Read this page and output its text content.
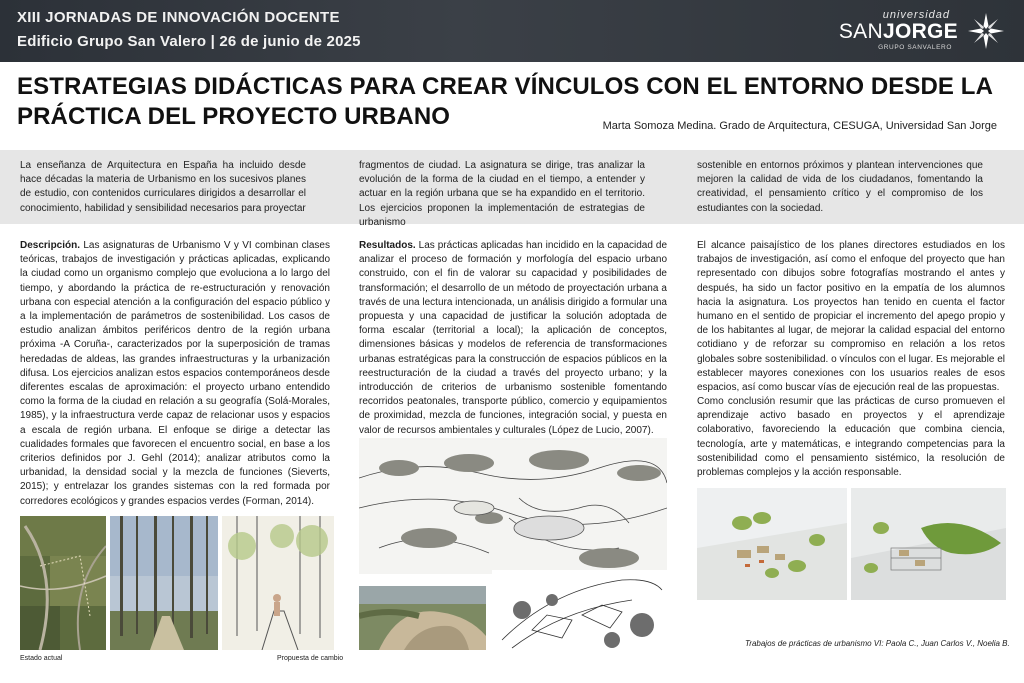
XIII JORNADAS DE INNOVACIÓN DOCENTE
Edificio Grupo San Valero | 26 de junio de 2025
universidad
SANJORGE
GRUPO SANVALERO
ESTRATEGIAS DIDÁCTICAS PARA CREAR VÍNCULOS CON EL ENTORNO DESDE LA PRÁCTICA DEL PROYECTO URBANO	Marta Somoza Medina. Grado de Arquitectura, CESUGA, Universidad San Jorge
La enseñanza de Arquitectura en España ha incluido desde hace décadas la materia de Urbanismo en los sucesivos planes de estudio, con contenidos curriculares dirigidos a desarrollar el conocimiento, habilidad y sensibilidad necesarios para proyectar
fragmentos de ciudad. La asignatura se dirige, tras analizar la evolución de la forma de la ciudad en el tiempo, a entender y actuar en la región urbana que se ha expandido en el territorio. Los ejercicios proponen la implementación de estrategias de urbanismo
sostenible en entornos próximos y plantean intervenciones que mejoren la calidad de vida de los ciudadanos, fomentando la creatividad, el pensamiento crítico y el compromiso de los estudiantes con la sociedad.
Descripción. Las asignaturas de Urbanismo V y VI combinan clases teóricas, trabajos de investigación y prácticas aplicadas, explicando la ciudad como un organismo complejo que evoluciona a lo largo del tiempo, y abordando la práctica de re-estructuración y renovación urbana con especial atención a la configuración del espacio público y a la implementación de parámetros de sostenibilidad. Los casos de estudio analizan ámbitos periféricos dentro de la región urbana próxima -A Coruña-, caracterizados por la superposición de tramas heredadas de aldeas, las grandes infraestructuras y la urbanización difusa. Los ejercicios analizan estos espacios contemporáneos desde diferentes escalas de aproximación: el proyecto urbano entendido como la forma de la ciudad en relación a su geografía (Solá-Morales, 1985), y la infraestructura verde capaz de relacionar usos y espacios a escala de región urbana. El enfoque se dirige a detectar las cualidades formales que favorecen el encuentro social, en base a los criterios definidos por J. Gehl (2014); analizar atributos como la urbanidad, la densidad social y la mezcla de funciones (Sieverts, 2015); y entrelazar los grandes sistemas con la red formada por corredores ecológicos y grandes espacios verdes (Forman, 2014).
Estado actual	Propuesta de cambio
Resultados. Las prácticas aplicadas han incidido en la capacidad de analizar el proceso de formación y morfología del espacio urbano construido, con el fin de valorar su capacidad y posibilidades de transformación; el desarrollo de un método de proyectación urbana a través de una lectura intencionada, un análisis dirigido a formular una propuesta y una capacidad de justificar la solución adoptada de forma escalar (territorial a local); la aplicación de conceptos, dimensiones básicas y modelos de referencia de transformaciones urbanas estratégicas para la construcción de espacios públicos en la reestructuración de la ciudad a través del proyecto urbano; y la introducción de criterios de urbanismo sostenible fomentando recorridos peatonales, transporte público, comercio y equipamientos de proximidad, mezcla de funciones, integración social, y puesta en valor de recursos ambientales y culturales (López de Lucio, 2007).
El alcance paisajístico de los planes directores estudiados en los trabajos de investigación, así como el enfoque del proyecto que han representado con dibujos sobre fotografías mostrando el antes y después, ha sido un factor positivo en la empatía de los alumnos hacia la asignatura. Los proyectos han tenido en cuenta el factor humano en el sentido de propiciar el incremento del apego propio y de los habitantes al lugar, de mejorar la calidad espacial del entorno cotidiano y de reforzar su compromiso en relación a los retos globales sobre sostenibilidad. o vínculos con el lugar. Es mejorable el establecer mayores conexiones con los usuarios reales de esos espacios, así como buscar vías de ejecución real de las propuestas.
Como conclusión resumir que las prácticas de curso promueven el aprendizaje activo basado en proyectos y el aprendizaje colaborativo, favoreciendo la educación que combina ciencia, tecnología, arte y matemáticas, e integrando competencias para la sostenibilidad como el pensamiento sistémico, la resolución de problemas complejos y la acción responsable.
Trabajos de prácticas de urbanismo VI: Paola C., Juan Carlos V., Noelia B.
